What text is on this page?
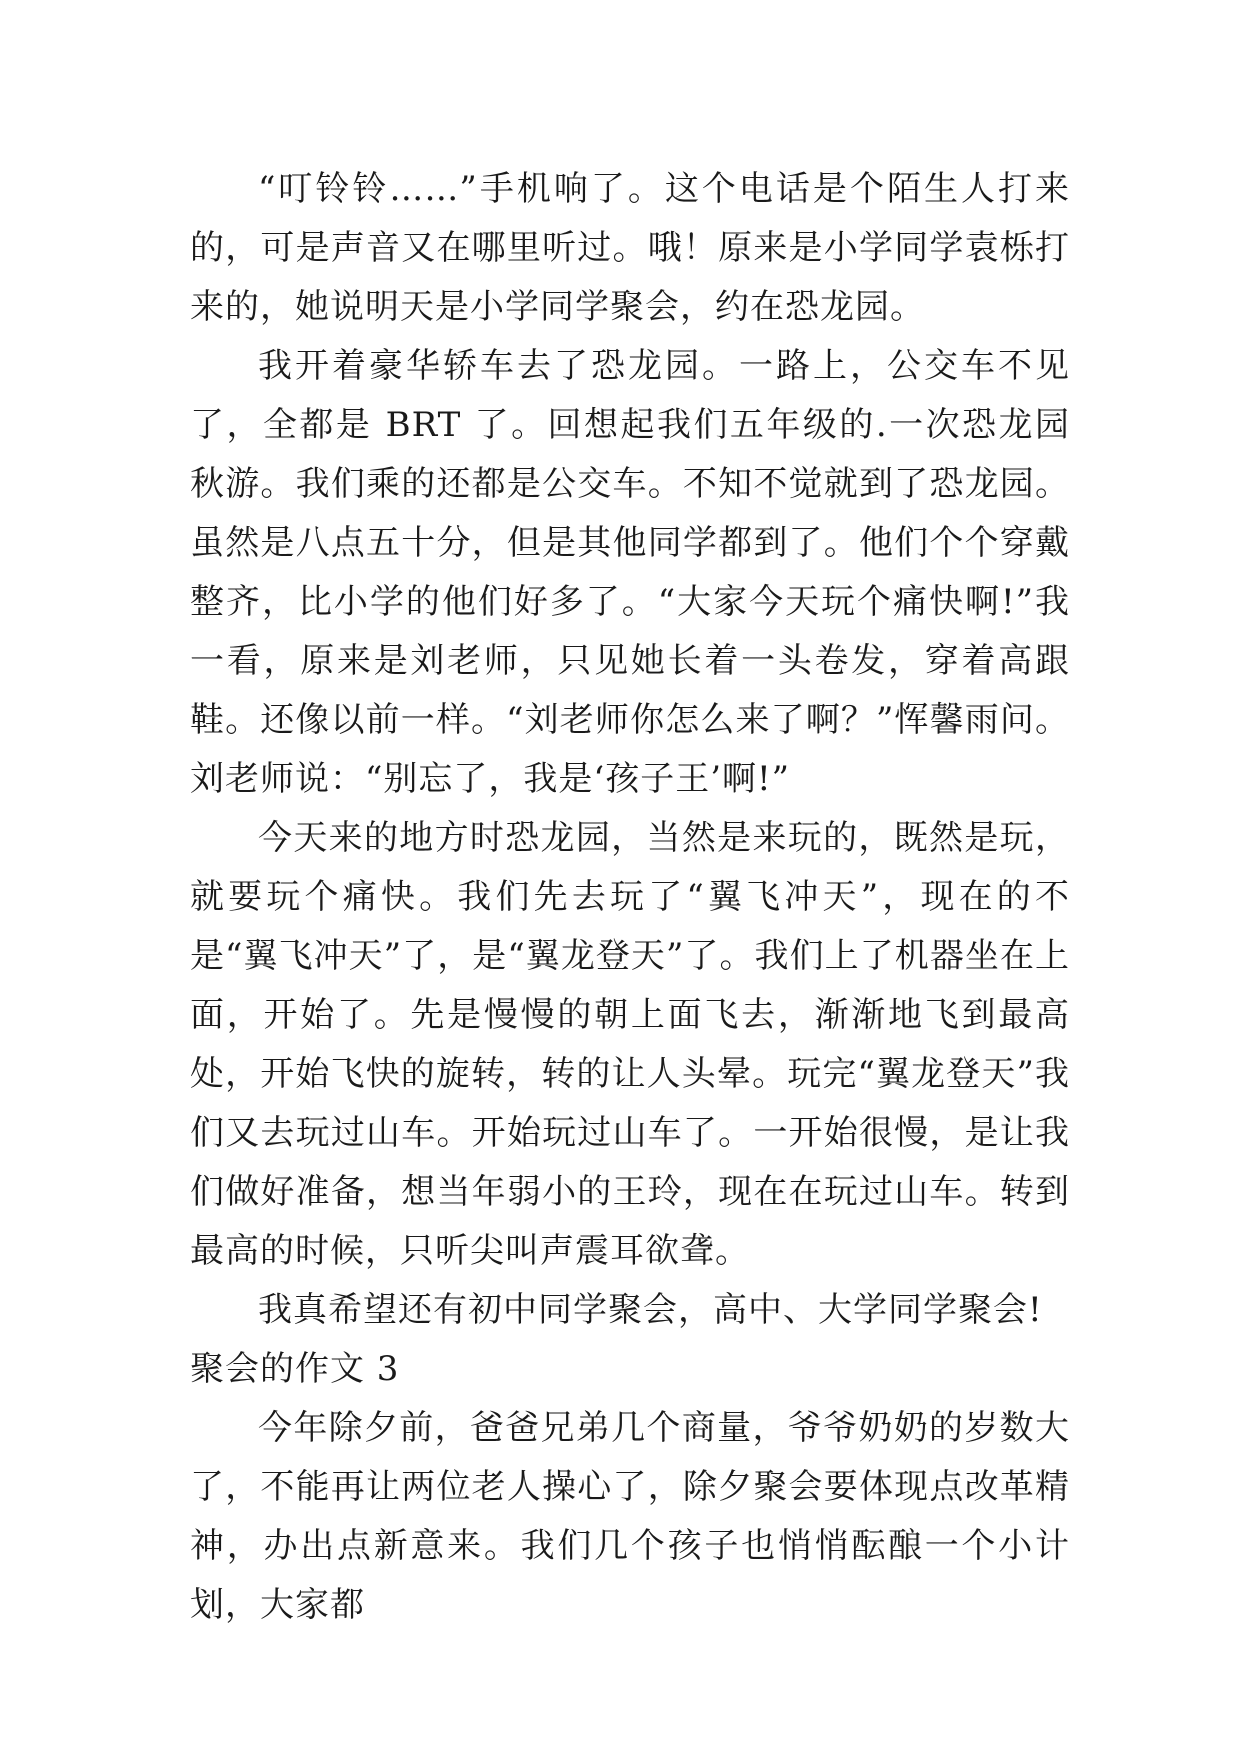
“叮铃铃……”手机响了。这个电话是个陌生人打来的，可是声音又在哪里听过。哦！原来是小学同学袁栎打来的，她说明天是小学同学聚会，约在恐龙园。

我开着豪华轿车去了恐龙园。一路上，公交车不见了，全都是 BRT 了。回想起我们五年级的.一次恐龙园秋游。我们乘的还都是公交车。不知不觉就到了恐龙园。虽然是八点五十分，但是其他同学都到了。他们个个穿戴整齐，比小学的他们好多了。“大家今天玩个痛快啊!”我一看，原来是刘老师，只见她长着一头卷发，穿着高跟鞋。还像以前一样。“刘老师你怎么来了啊？”恽馨雨问。刘老师说：“别忘了，我是‘孩子王’啊!”

今天来的地方时恐龙园，当然是来玩的，既然是玩，就要玩个痛快。我们先去玩了“翼飞冲天”，现在的不是“翼飞冲天”了，是“翼龙登天”了。我们上了机器坐在上面，开始了。先是慢慢的朝上面飞去，渐渐地飞到最高处，开始飞快的旋转，转的让人头晕。玩完“翼龙登天”我们又去玩过山车。开始玩过山车了。一开始很慢，是让我们做好准备，想当年弱小的王玲，现在在玩过山车。转到最高的时候，只听尖叫声震耳欲聋。

我真希望还有初中同学聚会，高中、大学同学聚会!

聚会的作文 3

今年除夕前，爸爸兄弟几个商量，爷爷奶奶的岁数大了，不能再让两位老人操心了，除夕聚会要体现点改革精神，办出点新意来。我们几个孩子也悄悄酝酿一个小计划，大家都
